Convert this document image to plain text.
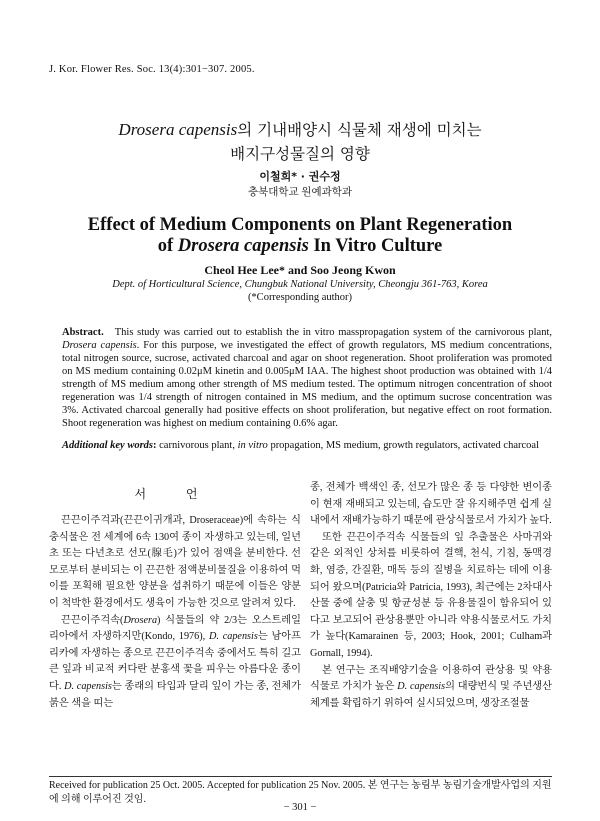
J. Kor. Flower Res. Soc. 13(4):301−307. 2005.
Drosera capensis의 기내배양시 식물체 재생에 미치는
배지구성물질의 영향
이철희* · 권수정
충북대학교 원예과학과
Effect of Medium Components on Plant Regeneration
of Drosera capensis In Vitro Culture
Cheol Hee Lee* and Soo Jeong Kwon
Dept. of Horticultural Science, Chungbuk National University, Cheongju 361-763, Korea
(*Corresponding author)
Abstract. This study was carried out to establish the in vitro masspropagation system of the carnivorous plant, Drosera capensis. For this purpose, we investigated the effect of growth regulators, MS medium concentrations, total nitrogen source, sucrose, activated charcoal and agar on shoot regeneration. Shoot proliferation was promoted on MS medium containing 0.02μM kinetin and 0.005μM IAA. The highest shoot production was obtained with 1/4 strength of MS medium among other strength of MS medium tested. The optimum nitrogen concentration of shoot regeneration was 1/4 strength of nitrogen contained in MS medium, and the optimum sucrose concentration was 3%. Activated charcoal generally had positive effects on shoot proliferation, but negative effect on root formation. Shoot regeneration was highest on medium containing 0.6% agar.
Additional key words: carnivorous plant, in vitro propagation, MS medium, growth regulators, activated charcoal
서 언

끈끈이주걱과(끈끈이귀개과, Droseraceae)에 속하는 식충식물은 전 세계에 6속 130여 종이 자생하고 있는데, 일년초 또는 다년초로 선모(腺毛)가 있어 점액을 분비한다. 선모로부터 분비되는 이 끈끈한 점액분비물질을 이용하여 먹이를 포획해 필요한 양분을 섭취하기 때문에 이들은 양분이 척박한 환경에서도 생육이 가능한 것으로 알려져 있다.

끈끈이주걱속(Drosera) 식물들의 약 2/3는 오스트레일리아에서 자생하지만(Kondo, 1976), D. capensis는 남아프리카에 자생하는 종으로 끈끈이주걱속 중에서도 특히 길고 큰 잎과 비교적 커다란 분홍색 꽃을 피우는 아름다운 종이다. D. capensis는 종래의 타입과 달리 잎이 가는 종, 전체가 붉은 색을 띠는

종, 전체가 백색인 종, 선모가 많은 종 등 다양한 변이종이 현재 재배되고 있는데, 습도만 잘 유지해주면 쉽게 실내에서 재배가능하기 때문에 관상식물로서 가치가 높다.

또한 끈끈이주걱속 식물들의 잎 추출물은 사마귀와 같은 외적인 상처를 비롯하여 결핵, 천식, 기침, 동맥경화, 염증, 간질환, 매독 등의 질병을 치료하는 데에 이용되어 왔으며(Patricia와 Patricia, 1993), 최근에는 2차대사산물 중에 살충 및 항균성분 등 유용물질이 함유되어 있다고 보고되어 관상용뿐만 아니라 약용식물로서도 가치가 높다(Kamarainen 등, 2003; Hook, 2001; Culham과 Gornall, 1994).

본 연구는 조직배양기술을 이용하여 관상용 및 약용식물로 가치가 높은 D. capensis의 대량번식 및 주년생산체계를 확립하기 위하여 실시되었으며, 생장조절물

Received for publication 25 Oct. 2005. Accepted for publication 25 Nov. 2005. 본 연구는 농림부 농림기술개발사업의 지원에 의해 이루어진 것임.
− 301 −
